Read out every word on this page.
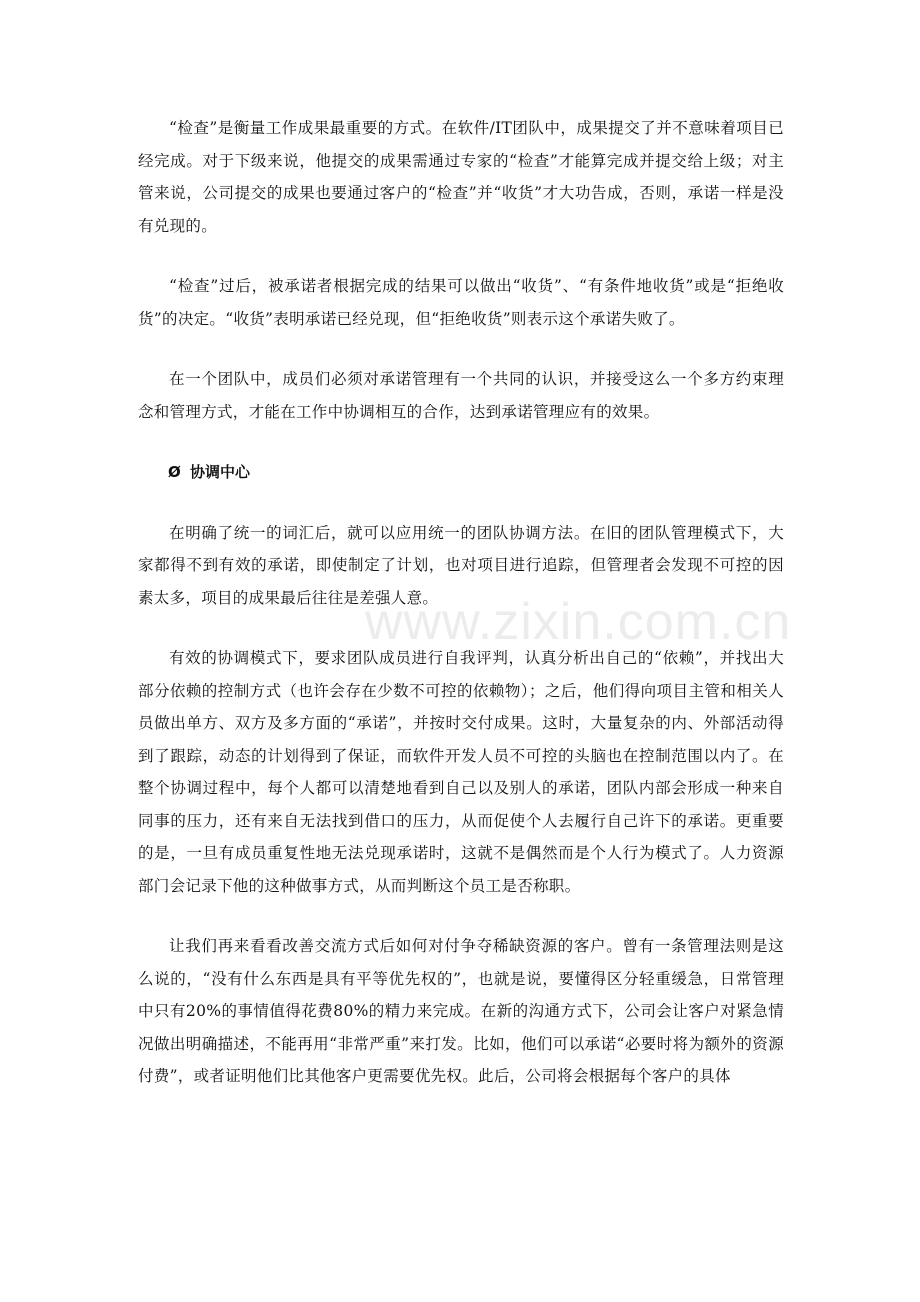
“检查”是衡量工作成果最重要的方式。在软件/IT团队中，成果提交了并不意味着项目已经完成。对于下级来说，他提交的成果需通过专家的“检查”才能算完成并提交给上级；对主管来说，公司提交的成果也要通过客户的“检查”并“收货”才大功告成，否则，承诺一样是没有兑现的。

“检查”过后，被承诺者根据完成的结果可以做出“收货”、“有条件地收货”或是“拒绝收货”的决定。“收货”表明承诺已经兑现，但“拒绝收货”则表示这个承诺失败了。

在一个团队中，成员们必须对承诺管理有一个共同的认识，并接受这么一个多方约束理念和管理方式，才能在工作中协调相互的合作，达到承诺管理应有的效果。

Ø 协调中心

在明确了统一的词汇后，就可以应用统一的团队协调方法。在旧的团队管理模式下，大家都得不到有效的承诺，即使制定了计划，也对项目进行追踪，但管理者会发现不可控的因素太多，项目的成果最后往往是差强人意。

有效的协调模式下，要求团队成员进行自我评判，认真分析出自己的“依赖”，并找出大部分依赖的控制方式（也许会存在少数不可控的依赖物）；之后，他们得向项目主管和相关人员做出单方、双方及多方面的“承诺”，并按时交付成果。这时，大量复杂的内、外部活动得到了跟踪，动态的计划得到了保证，而软件开发人员不可控的头脑也在控制范围以内了。在整个协调过程中，每个人都可以清楚地看到自己以及别人的承诺，团队内部会形成一种来自同事的压力，还有来自无法找到借口的压力，从而促使个人去履行自己许下的承诺。更重要的是，一旦有成员重复性地无法兑现承诺时，这就不是偶然而是个人行为模式了。人力资源部门会记录下他的这种做事方式，从而判断这个员工是否称职。

让我们再来看看改善交流方式后如何对付争夺稀缺资源的客户。曾有一条管理法则是这么说的，“没有什么东西是具有平等优先权的”，也就是说，要懂得区分轻重缓急，日常管理中只有20%的事情值得花费80%的精力来完成。在新的沟通方式下，公司会让客户对紧急情况做出明确描述，不能再用“非常严重”来打发。比如，他们可以承诺“必要时将为额外的资源付费”，或者证明他们比其他客户更需要优先权。此后，公司将会根据每个客户的具体

www.zixin.com.cn
